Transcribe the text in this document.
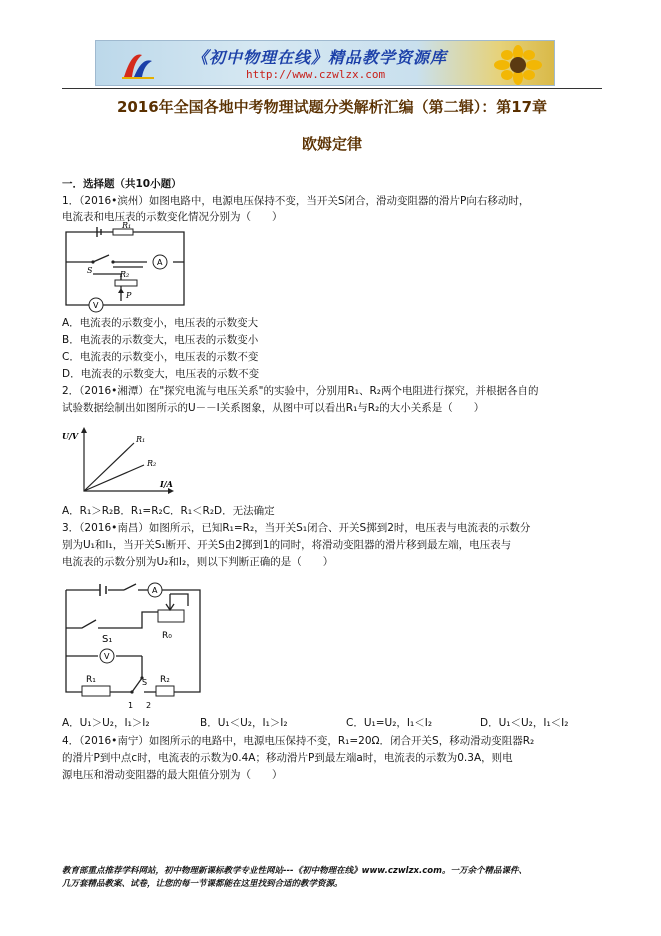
《初中物理在线》精品教学资源库
http://www.czwlzx.com
2016年全国各地中考物理试题分类解析汇编（第二辑）：第17章
欧姆定律
一．选择题（共10小题）
1．（2016•滨州）如图电路中，电源电压保持不变，当开关S闭合，滑动变阻器的滑片P向右移动时，
电流表和电压表的示数变化情况分别为（　　）
R₁
S	R₂
P
A
V
A．电流表的示数变小，电压表的示数变大
B．电流表的示数变大，电压表的示数变小
C．电流表的示数变小，电压表的示数不变
D．电流表的示数变大，电压表的示数不变
2．（2016•湘潭）在"探究电流与电压关系"的实验中，分别用R₁、R₂两个电阻进行探究，并根据各自的
试验数据绘制出如图所示的U－－I关系图象，从图中可以看出R₁与R₂的大小关系是（　　）
U/V
I/A
R₁
R₂
A．R₁＞R₂B．R₁=R₂C．R₁＜R₂D．无法确定
3．（2016•南昌）如图所示，已知R₁=R₂，当开关S₁闭合、开关S掷到2时，电压表与电流表的示数分
别为U₁和I₁，当开关S₁断开、开关S由2掷到1的同时，将滑动变阻器的滑片移到最左端，电压表与
电流表的示数分别为U₂和I₂，则以下判断正确的是（　　）
S₁	R₀
R₁	R₂
S
1 2
A
V
A．U₁＞U₂，I₁＞I₂	B．U₁＜U₂，I₁＞I₂	C．U₁=U₂，I₁＜I₂	D．U₁＜U₂，I₁＜I₂
4．（2016•南宁）如图所示的电路中，电源电压保持不变，R₁=20Ω．闭合开关S，移动滑动变阻器R₂
的滑片P到中点c时，电流表的示数为0.4A；移动滑片P到最左端a时，电流表的示数为0.3A，则电
源电压和滑动变阻器的最大阻值分别为（　　）
教育部重点推荐学科网站，初中物理新课标教学专业性网站---《初中物理在线》www.czwlzx.com。一万余个精品课件、
几万套精品教案、试卷，让您的每一节课都能在这里找到合适的教学资源。
